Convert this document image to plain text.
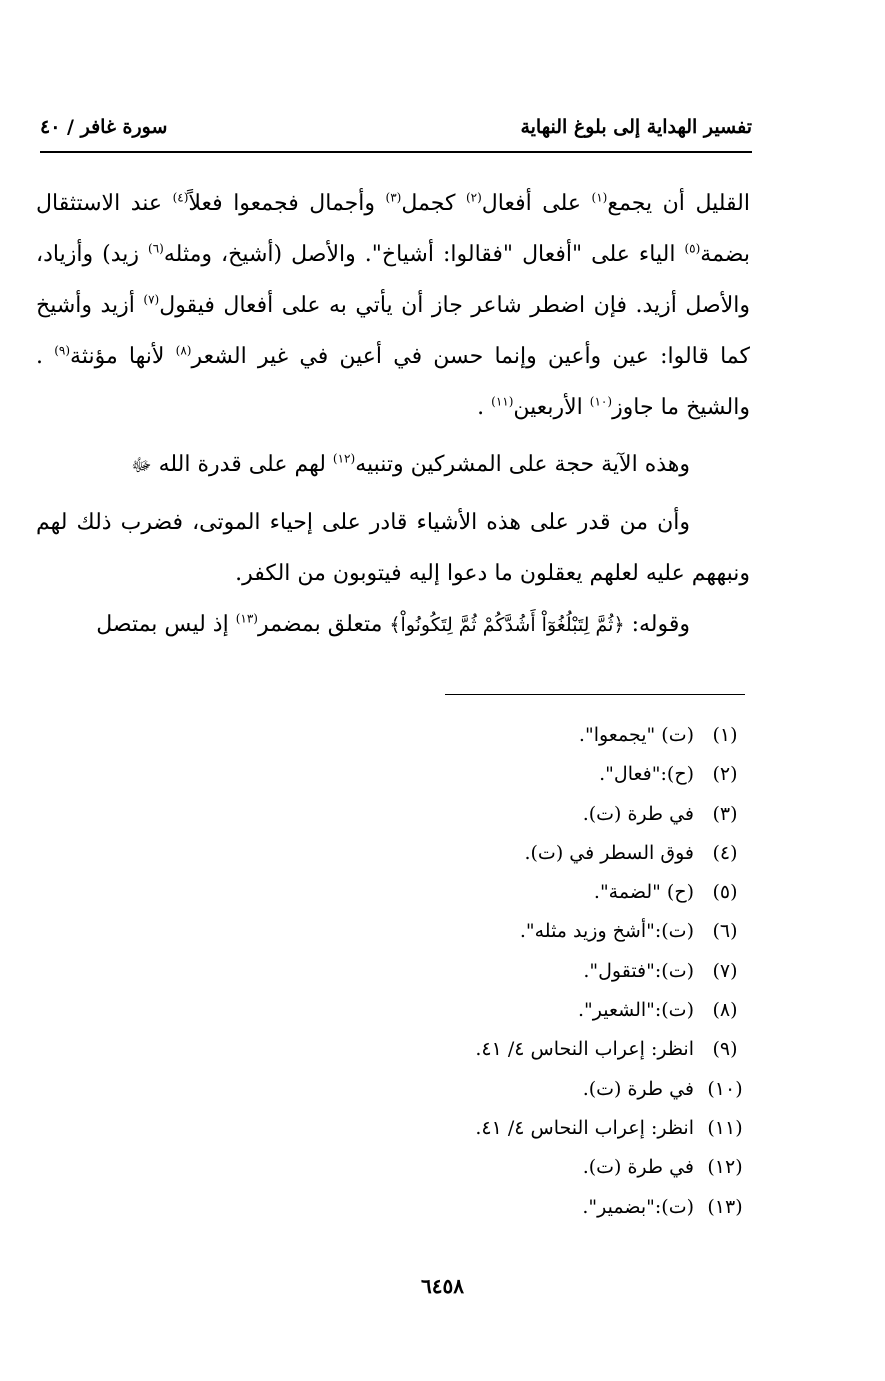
تفسير الهداية إلى بلوغ النهاية
سورة غافر / ٤٠

القليل أن يجمع$^{(١)}$ على أفعال$^{(٢)}$ كجمل$^{(٣)}$ وأجمال فجمعوا فعلاً$^{(٤)}$ عند الاستثقال بضمة$^{(٥)}$ الياء على "أفعال "فقالوا: أشياخ". والأصل (أشيخ، ومثله$^{(٦)}$ زيد) وأزياد، والأصل أزيد. فإن اضطر شاعر جاز أن يأتي به على أفعال فيقول$^{(٧)}$ أزيد وأشيخ كما قالوا: عين وأعين وإنما حسن في أعين في غير الشعر$^{(٨)}$ لأنها مؤنثة$^{(٩)}$ . والشيخ ما جاوز$^{(١٠)}$ الأربعين$^{(١١)}$ .

وهذه الآية حجة على المشركين وتنبيه$^{(١٢)}$ لهم على قدرة الله ﷻ

وأن من قدر على هذه الأشياء قادر على إحياء الموتى، فضرب ذلك لهم ونبههم عليه لعلهم يعقلون ما دعوا إليه فيتوبون من الكفر.

وقوله: ﴿ثُمَّ لِتَبْلُغُوٓاْ أَشُدَّكُمْ ثُمَّ لِتَكُونُواْ﴾ متعلق بمضمر$^{(١٣)}$ إذ ليس بمتصل

(١)(ت) "يجمعوا".
(٢)(ح):"فعال".
(٣)في طرة (ت).
(٤)فوق السطر في (ت).
(٥)(ح) "لضمة".
(٦)(ت):"أشخ وزيد مثله".
(٧)(ت):"فتقول".
(٨)(ت):"الشعير".
(٩)انظر: إعراب النحاس ٤/ ٤١.
(١٠)في طرة (ت).
(١١)انظر: إعراب النحاس ٤/ ٤١.
(١٢)في طرة (ت).
(١٣)(ت):"بضمير".
٦٤٥٨
